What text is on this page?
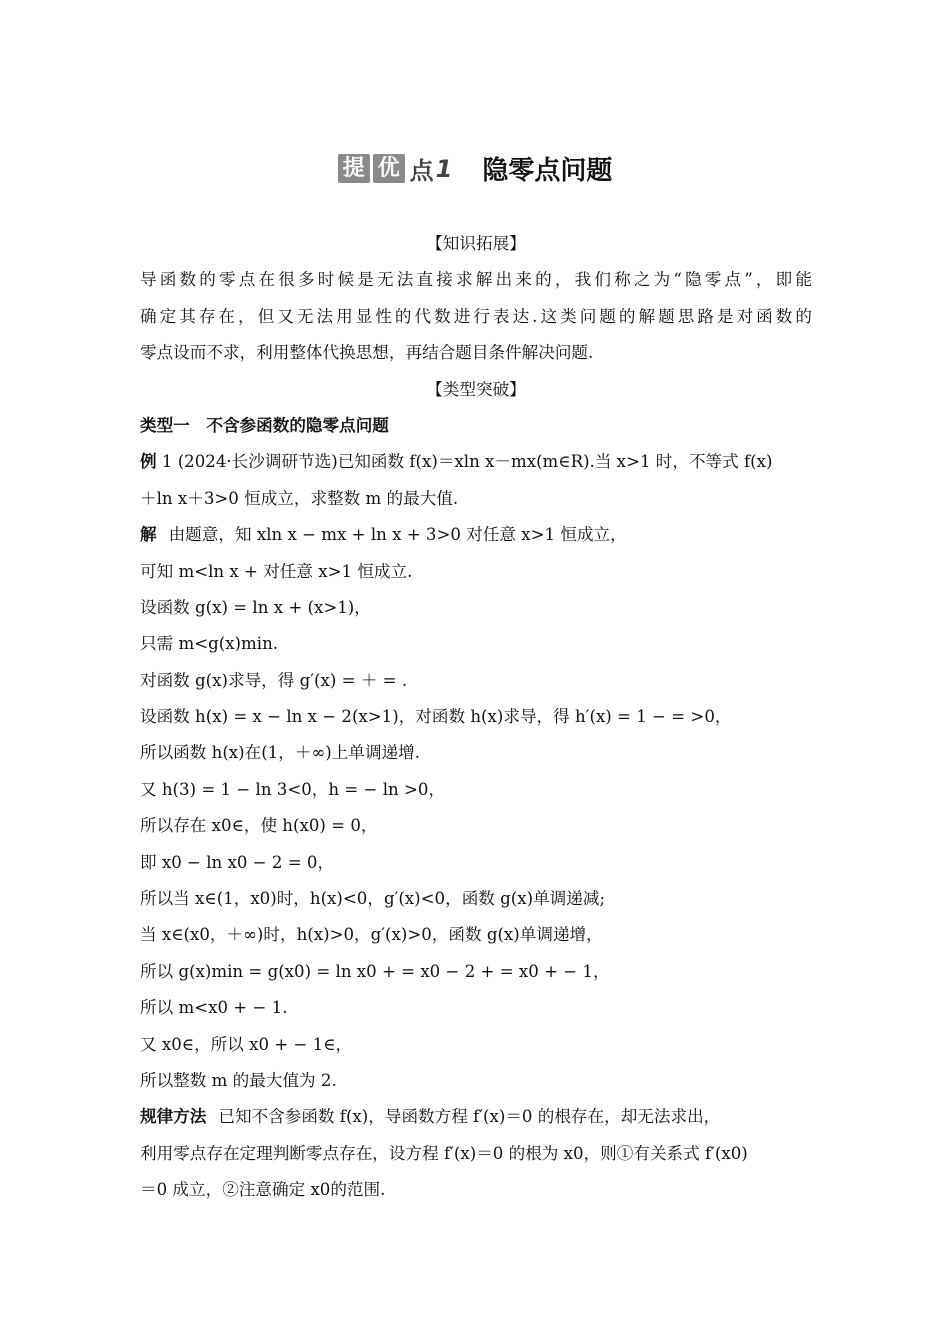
提 优 点 1 隐零点问题
【知识拓展】
导函数的零点在很多时候是无法直接求解出来的，我们称之为“隐零点”，即能
确定其存在，但又无法用显性的代数进行表达.这类问题的解题思路是对函数的
零点设而不求，利用整体代换思想，再结合题目条件解决问题.
【类型突破】
类型一　不含参函数的隐零点问题
例 1 (2024·长沙调研节选)已知函数 f(x)＝xln x－mx(m∈R).当 x>1 时，不等式 f(x)
＋ln x＋3>0 恒成立，求整数 m 的最大值.
解 由题意，知 xln x − mx + ln x + 3>0 对任意 x>1 恒成立，
可知 m<ln x + 对任意 x>1 恒成立.
设函数 g(x) = ln x + (x>1)，
只需 m<g(x)min.
对函数 g(x)求导，得 g′(x) = ＋ = .
设函数 h(x) = x − ln x − 2(x>1)，对函数 h(x)求导，得 h′(x) = 1 − = >0，
所以函数 h(x)在(1，＋∞)上单调递增.
又 h(3) = 1 − ln 3<0，h = − ln >0，
所以存在 x0∈，使 h(x0) = 0，
即 x0 − ln x0 − 2 = 0，
所以当 x∈(1，x0)时，h(x)<0，g′(x)<0，函数 g(x)单调递减;
当 x∈(x0，＋∞)时，h(x)>0，g′(x)>0，函数 g(x)单调递增，
所以 g(x)min = g(x0) = ln x0 + = x0 − 2 + = x0 + − 1，
所以 m<x0 + − 1.
又 x0∈，所以 x0 + − 1∈，
所以整数 m 的最大值为 2.
规律方法 已知不含参函数 f(x)，导函数方程 f′(x)＝0 的根存在，却无法求出，
利用零点存在定理判断零点存在，设方程 f′(x)＝0 的根为 x0，则①有关系式 f′(x0)
＝0 成立，②注意确定 x0的范围.
